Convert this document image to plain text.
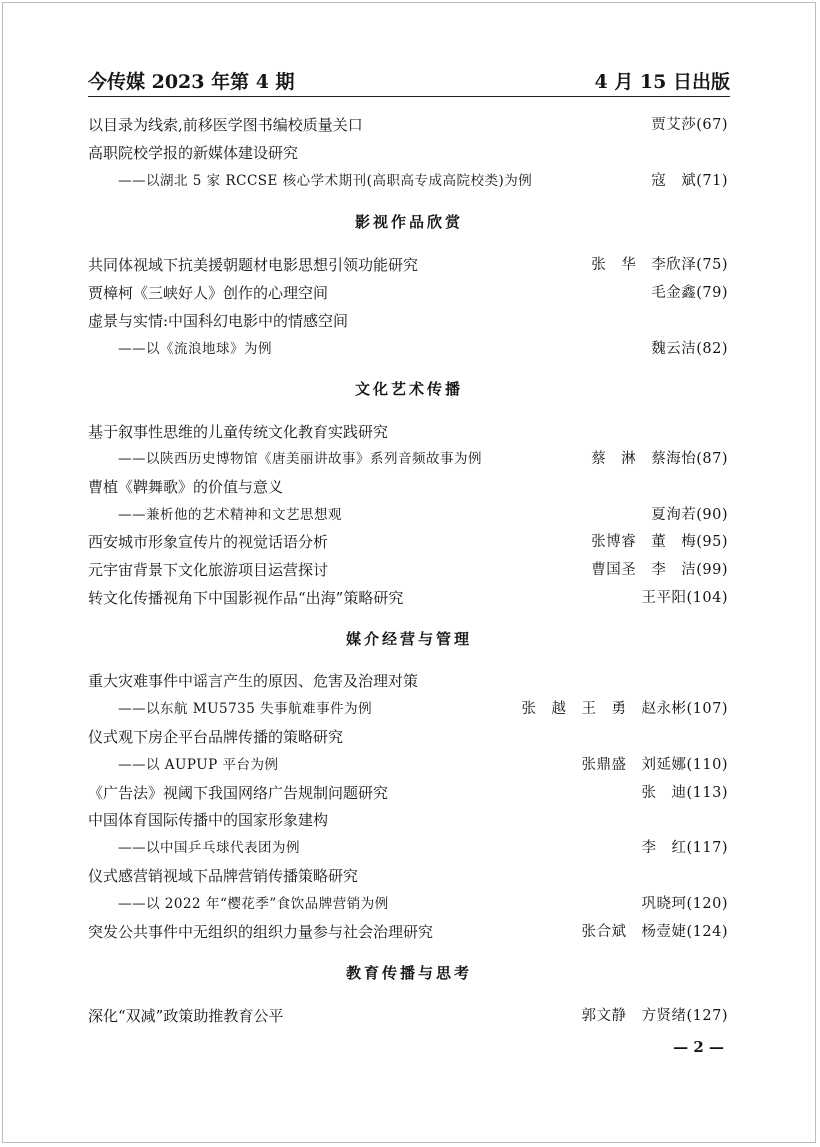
今传媒 2023 年第 4 期	4 月 15 日出版
以目录为线索,前移医学图书编校质量关口	贾艾莎(67)
高职院校学报的新媒体建设研究
——以湖北 5 家 RCCSE 核心学术期刊(高职高专成高院校类)为例	寇　斌(71)
影视作品欣赏
共同体视域下抗美援朝题材电影思想引领功能研究	张　华　李欣泽(75)
贾樟柯《三峡好人》创作的心理空间	毛金鑫(79)
虚景与实情:中国科幻电影中的情感空间
——以《流浪地球》为例	魏云洁(82)
文化艺术传播
基于叙事性思维的儿童传统文化教育实践研究
——以陕西历史博物馆《唐美丽讲故事》系列音频故事为例	蔡　淋　蔡海怡(87)
曹植《鞞舞歌》的价值与意义
——兼析他的艺术精神和文艺思想观	夏洵若(90)
西安城市形象宣传片的视觉话语分析	张博睿　董　梅(95)
元宇宙背景下文化旅游项目运营探讨	曹国圣　李　洁(99)
转文化传播视角下中国影视作品“出海”策略研究	王平阳(104)
媒介经营与管理
重大灾难事件中谣言产生的原因、危害及治理对策
——以东航 MU5735 失事航难事件为例	张　越　王　勇　赵永彬(107)
仪式观下房企平台品牌传播的策略研究
——以 AUPUP 平台为例	张鼎盛　刘延娜(110)
《广告法》视阈下我国网络广告规制问题研究	张　迪(113)
中国体育国际传播中的国家形象建构
——以中国乒乓球代表团为例	李　红(117)
仪式感营销视域下品牌营销传播策略研究
——以 2022 年“樱花季”食饮品牌营销为例	巩晓珂(120)
突发公共事件中无组织的组织力量参与社会治理研究	张合斌　杨壹婕(124)
教育传播与思考
深化“双减”政策助推教育公平	郭文静　方贤绪(127)
— 2 —
